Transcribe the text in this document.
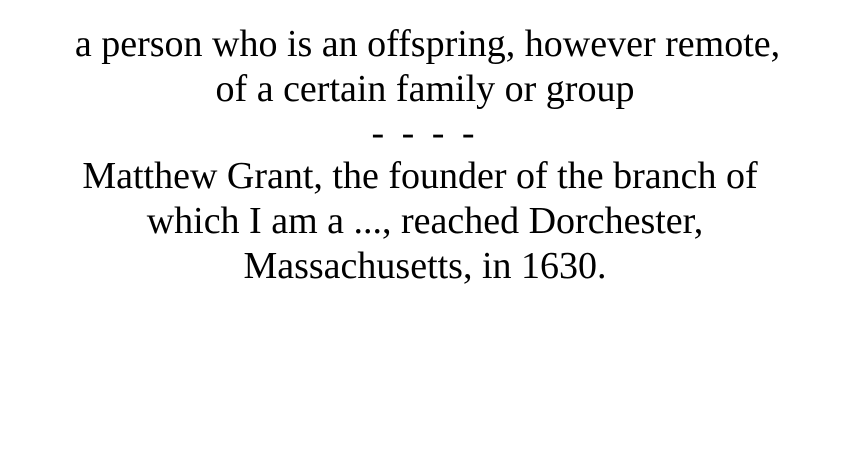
a person who is an offspring, however remote,
of a certain family or group
- - - -
Matthew Grant, the founder of the branch of
which I am a ..., reached Dorchester,
Massachusetts, in 1630.
